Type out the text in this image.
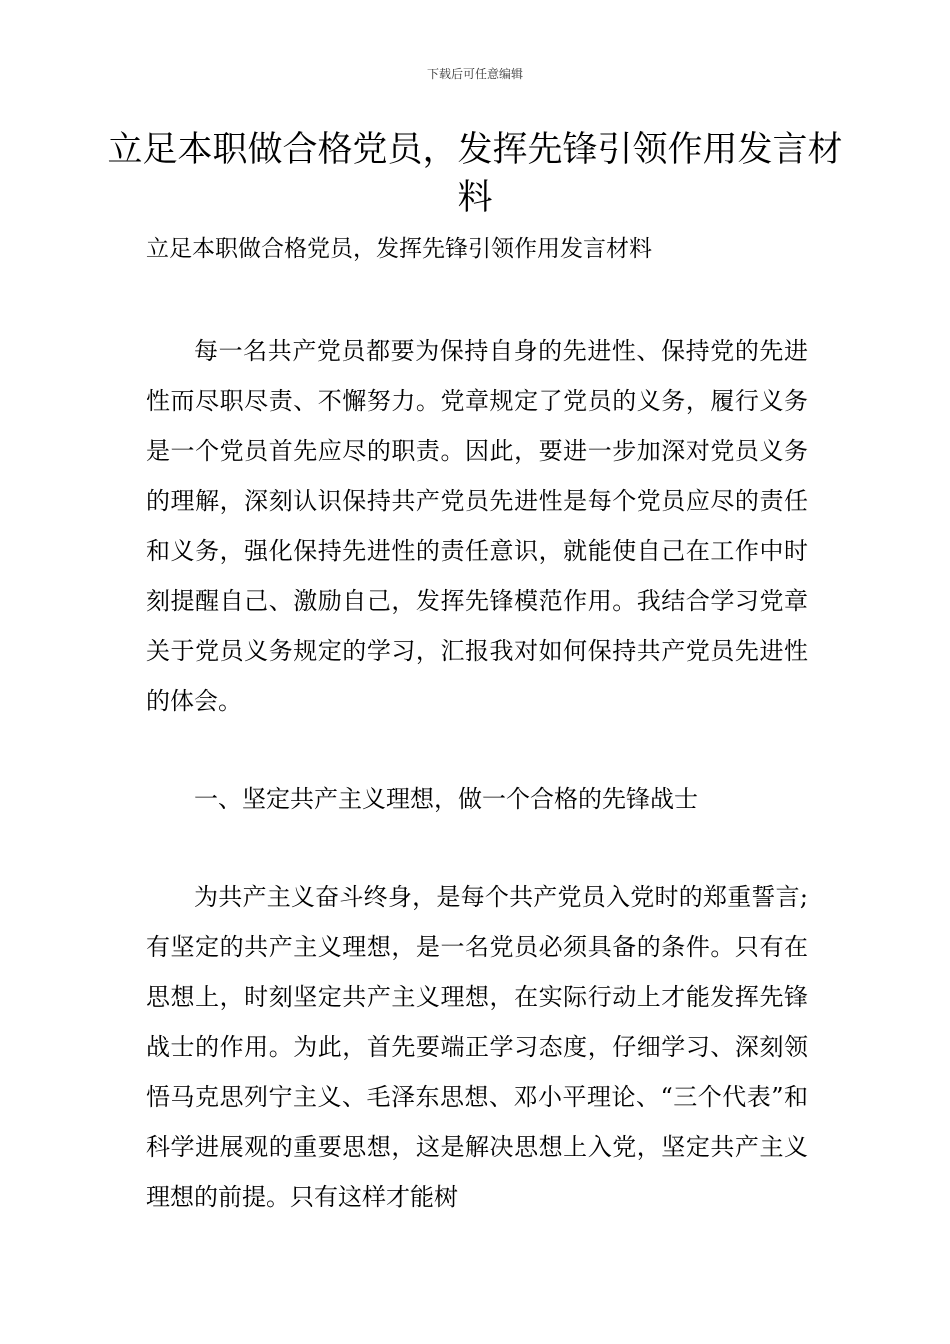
下载后可任意编辑
立足本职做合格党员，发挥先锋引领作用发言材料
立足本职做合格党员，发挥先锋引领作用发言材料

每一名共产党员都要为保持自身的先进性、保持党的先进性而尽职尽责、不懈努力。党章规定了党员的义务，履行义务是一个党员首先应尽的职责。因此，要进一步加深对党员义务的理解，深刻认识保持共产党员先进性是每个党员应尽的责任和义务，强化保持先进性的责任意识，就能使自己在工作中时刻提醒自己、激励自己，发挥先锋模范作用。我结合学习党章关于党员义务规定的学习，汇报我对如何保持共产党员先进性的体会。

一、坚定共产主义理想，做一个合格的先锋战士

为共产主义奋斗终身，是每个共产党员入党时的郑重誓言;有坚定的共产主义理想，是一名党员必须具备的条件。只有在思想上，时刻坚定共产主义理想，在实际行动上才能发挥先锋战士的作用。为此，首先要端正学习态度，仔细学习、深刻领悟马克思列宁主义、毛泽东思想、邓小平理论、“三个代表”和科学进展观的重要思想，这是解决思想上入党，坚定共产主义理想的前提。只有这样才能树
